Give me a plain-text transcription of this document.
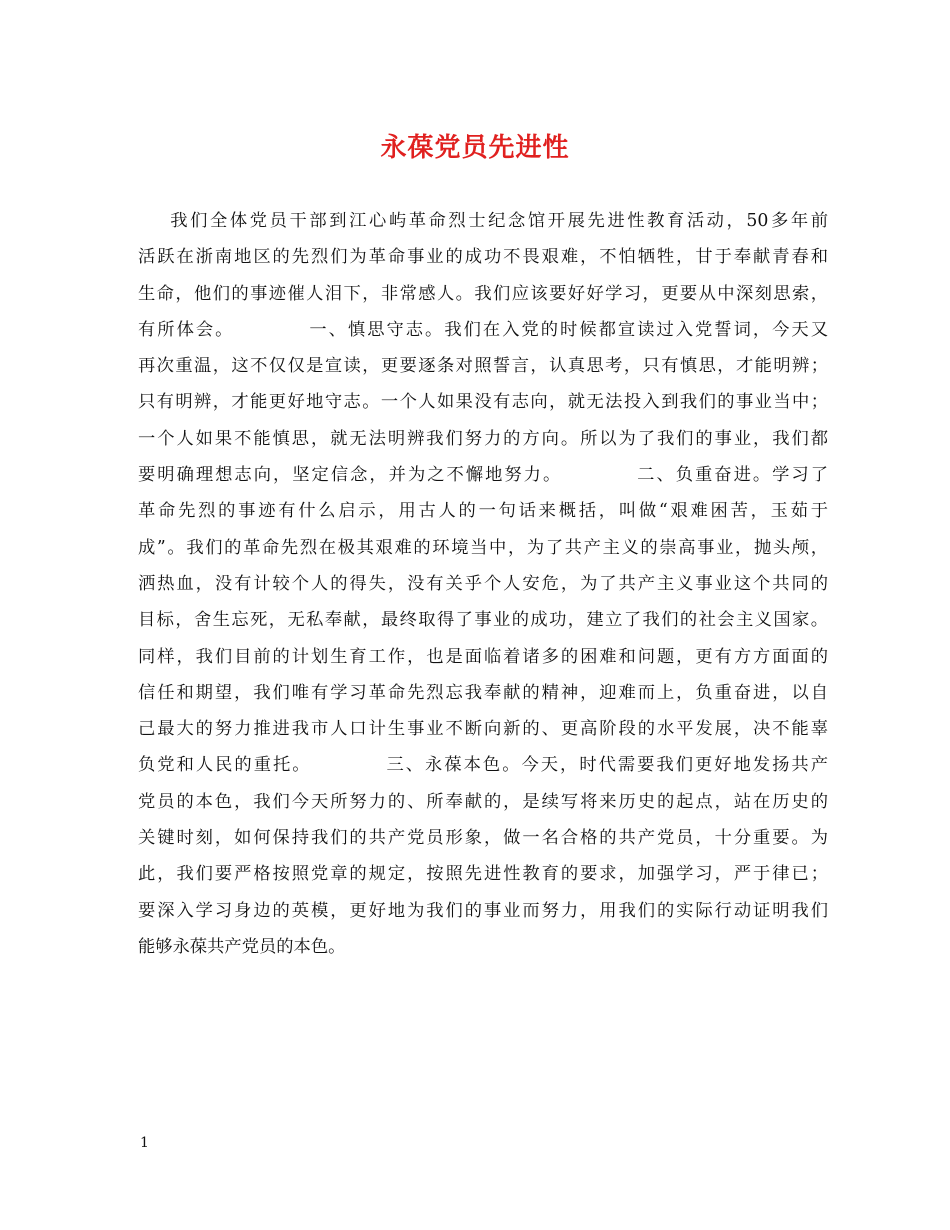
永葆党员先进性
我们全体党员干部到江心屿革命烈士纪念馆开展先进性教育活动，50多年前
活跃在浙南地区的先烈们为革命事业的成功不畏艰难，不怕牺牲，甘于奉献青春和
生命，他们的事迹催人泪下，非常感人。我们应该要好好学习，更要从中深刻思索，
有所体会。          一、慎思守志。我们在入党的时候都宣读过入党誓词，今天又
再次重温，这不仅仅是宣读，更要逐条对照誓言，认真思考，只有慎思，才能明辨；
只有明辨，才能更好地守志。一个人如果没有志向，就无法投入到我们的事业当中；
一个人如果不能慎思，就无法明辨我们努力的方向。所以为了我们的事业，我们都
要明确理想志向，坚定信念，并为之不懈地努力。          二、负重奋进。学习了
革命先烈的事迹有什么启示，用古人的一句话来概括，叫做“艰难困苦，玉茹于
成”。我们的革命先烈在极其艰难的环境当中，为了共产主义的崇高事业，抛头颅，
洒热血，没有计较个人的得失，没有关乎个人安危，为了共产主义事业这个共同的
目标，舍生忘死，无私奉献，最终取得了事业的成功，建立了我们的社会主义国家。
同样，我们目前的计划生育工作，也是面临着诸多的困难和问题，更有方方面面的
信任和期望，我们唯有学习革命先烈忘我奉献的精神，迎难而上，负重奋进，以自
己最大的努力推进我市人口计生事业不断向新的、更高阶段的水平发展，决不能辜
负党和人民的重托。          三、永葆本色。今天，时代需要我们更好地发扬共产
党员的本色，我们今天所努力的、所奉献的，是续写将来历史的起点，站在历史的
关键时刻，如何保持我们的共产党员形象，做一名合格的共产党员，十分重要。为
此，我们要严格按照党章的规定，按照先进性教育的要求，加强学习，严于律已；
要深入学习身边的英模，更好地为我们的事业而努力，用我们的实际行动证明我们
能够永葆共产党员的本色。
1
